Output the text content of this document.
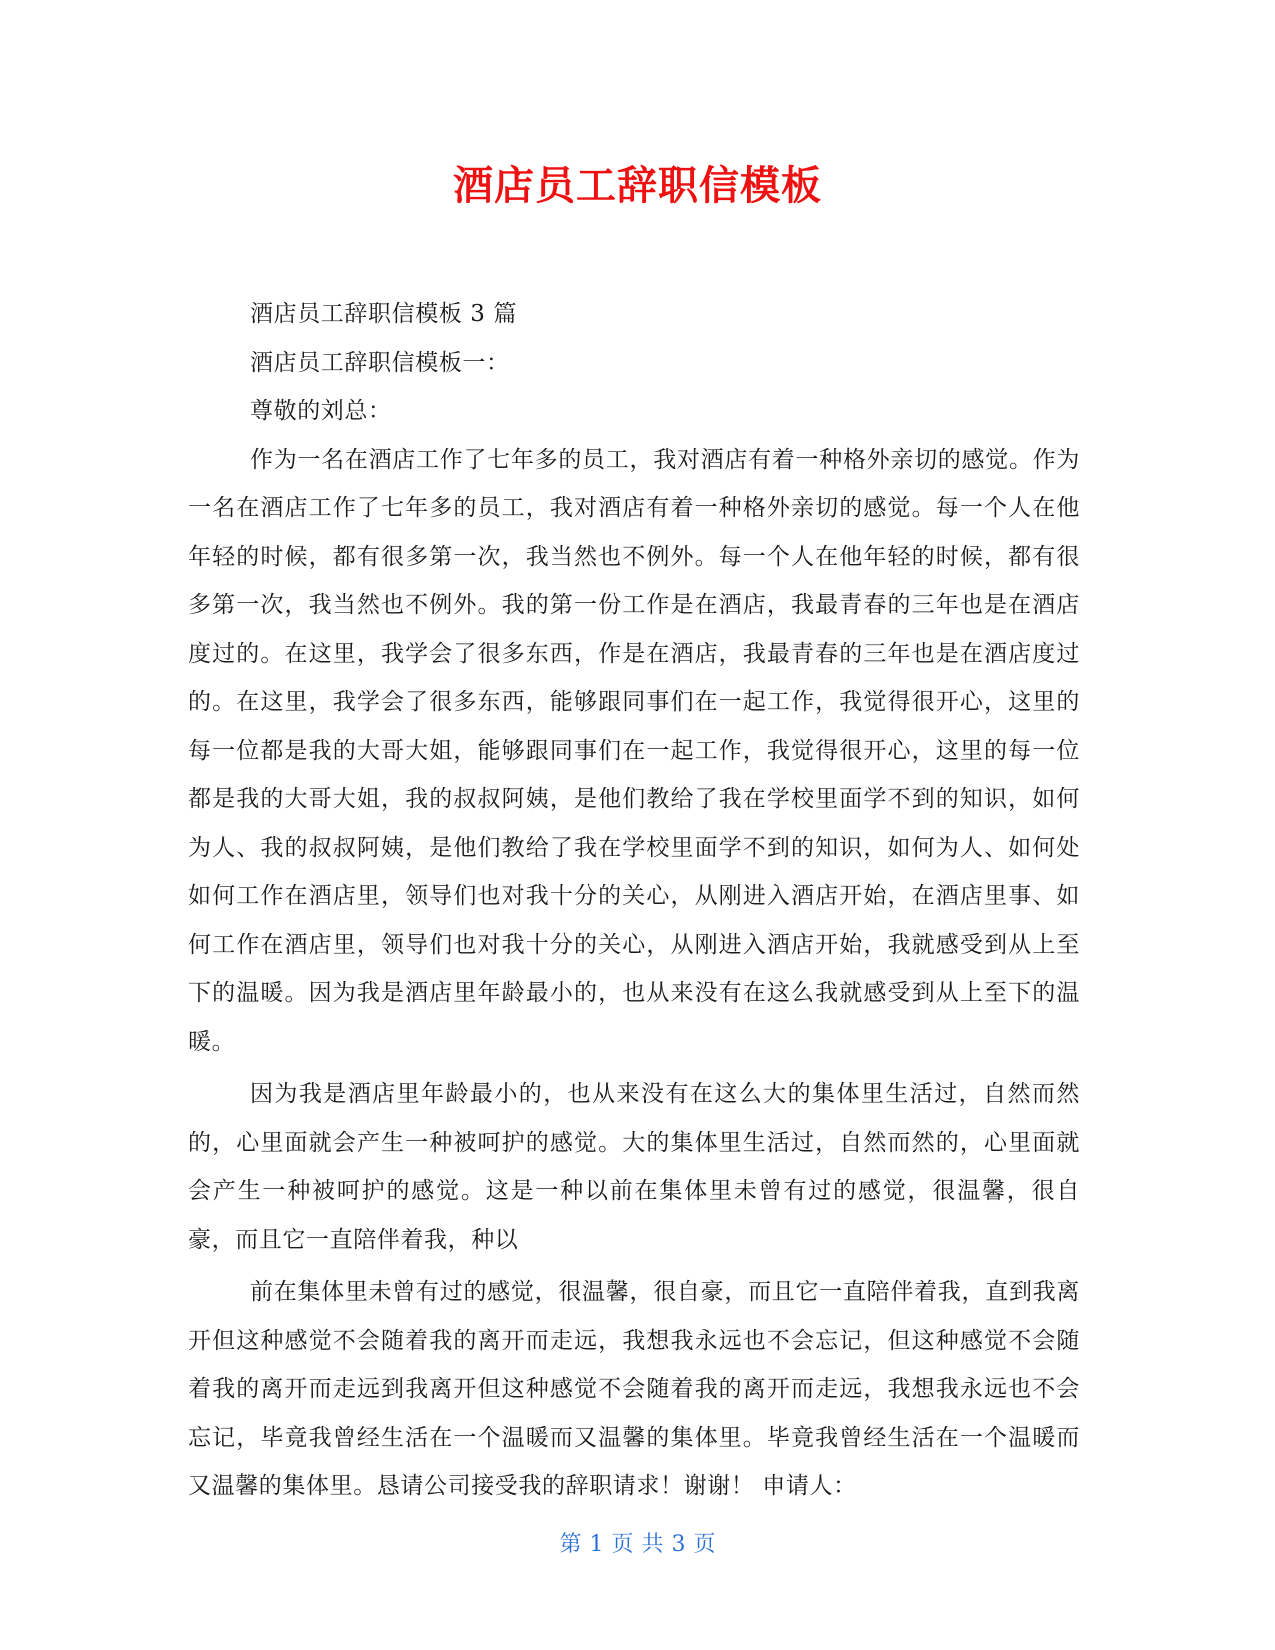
酒店员工辞职信模板

酒店员工辞职信模板 3 篇

酒店员工辞职信模板一：

尊敬的刘总：

作为一名在酒店工作了七年多的员工，我对酒店有着一种格外亲切的感觉。作为一名在酒店工作了七年多的员工，我对酒店有着一种格外亲切的感觉。每一个人在他年轻的时候，都有很多第一次，我当然也不例外。每一个人在他年轻的时候，都有很多第一次，我当然也不例外。我的第一份工作是在酒店，我最青春的三年也是在酒店度过的。在这里，我学会了很多东西，作是在酒店，我最青春的三年也是在酒店度过的。在这里，我学会了很多东西，能够跟同事们在一起工作，我觉得很开心，这里的每一位都是我的大哥大姐，能够跟同事们在一起工作，我觉得很开心，这里的每一位都是我的大哥大姐，我的叔叔阿姨，是他们教给了我在学校里面学不到的知识，如何为人、我的叔叔阿姨，是他们教给了我在学校里面学不到的知识，如何为人、如何处如何工作在酒店里，领导们也对我十分的关心，从刚进入酒店开始，在酒店里事、如何工作在酒店里，领导们也对我十分的关心，从刚进入酒店开始，我就感受到从上至下的温暖。因为我是酒店里年龄最小的，也从来没有在这么我就感受到从上至下的温暖。

因为我是酒店里年龄最小的，也从来没有在这么大的集体里生活过，自然而然的，心里面就会产生一种被呵护的感觉。大的集体里生活过，自然而然的，心里面就会产生一种被呵护的感觉。这是一种以前在集体里未曾有过的感觉，很温馨，很自豪，而且它一直陪伴着我，种以

前在集体里未曾有过的感觉，很温馨，很自豪，而且它一直陪伴着我，直到我离开但这种感觉不会随着我的离开而走远，我想我永远也不会忘记，但这种感觉不会随着我的离开而走远到我离开但这种感觉不会随着我的离开而走远，我想我永远也不会忘记，毕竟我曾经生活在一个温暖而又温馨的集体里。毕竟我曾经生活在一个温暖而又温馨的集体里。恳请公司接受我的辞职请求！谢谢！ 申请人：

第 1 页 共 3 页
